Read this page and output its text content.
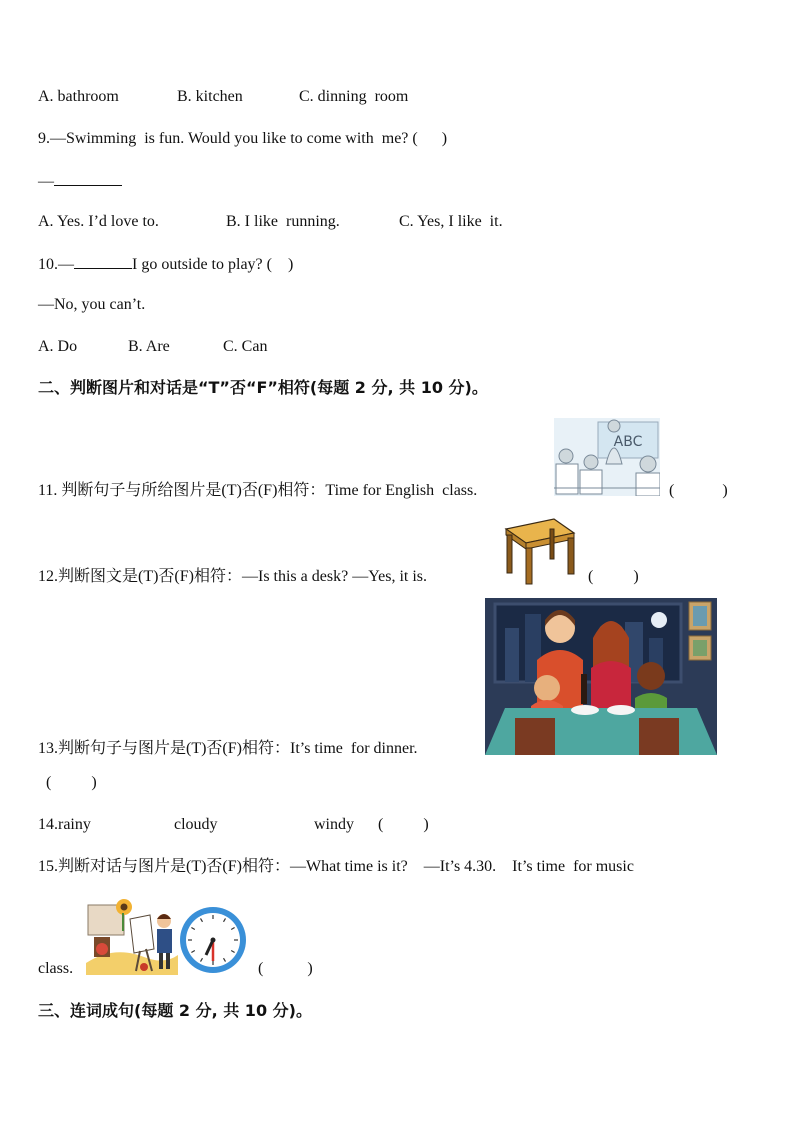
A. bathroom	B. kitchen	C. dinning  room
9.—Swimming  is fun. Would you like to come with  me? (      )
—
A. Yes. I’d love to.	B. I like  running.	C. Yes, I like  it.
10.—	I go outside to play? (    )
—No, you can’t.
A. Do	B. Are	C. Can
二、判断图片和对话是“T”否“F”相符(每题 2 分, 共 10 分)。
ABC
11. 判断句子与所给图片是(T)否(F)相符：Time for English  class.	(            )
12.判断图文是(T)否(F)相符：—Is this a desk? —Yes, it is.	(          )
13.判断句子与图片是(T)否(F)相符：It’s time  for dinner.
(          )
14.rainy	cloudy	windy (          )
15.判断对话与图片是(T)否(F)相符：—What time is it?    —It’s 4.30.    It’s time  for music
class.	(           )
三、连词成句(每题 2 分, 共 10 分)。
